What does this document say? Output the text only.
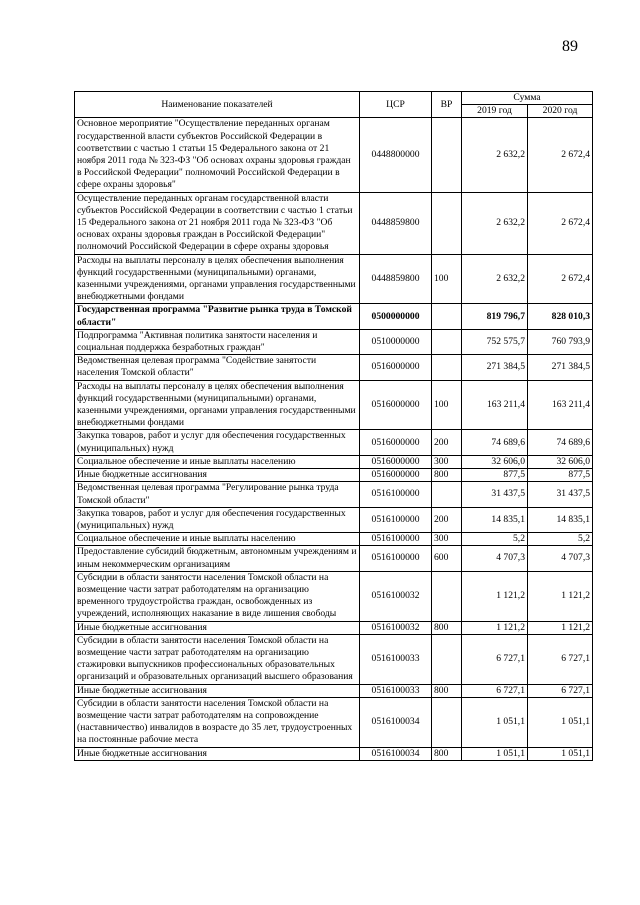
89
Наименование показателей	ЦСР	ВР	Сумма	
			2019 год	2020 год
Основное мероприятие "Осуществление переданных органам государственной власти субъектов Российской Федерации в соответствии с частью 1 статьи 15 Федерального закона от 21 ноября 2011 года № 323-ФЗ "Об основах охраны здоровья граждан в Российской Федерации" полномочий Российской Федерации в сфере охраны здоровья"	0448800000		2 632,2	2 672,4
Осуществление переданных органам государственной власти субъектов Российской Федерации в соответствии с частью 1 статьи 15 Федерального закона от 21 ноября 2011 года № 323-ФЗ "Об основах охраны здоровья граждан в Российской Федерации" полномочий Российской Федерации в сфере охраны здоровья	0448859800		2 632,2	2 672,4
Расходы на выплаты персоналу в целях обеспечения выполнения функций государственными (муниципальными) органами, казенными учреждениями, органами управления государственными внебюджетными фондами	0448859800	100	2 632,2	2 672,4
Государственная программа "Развитие рынка труда в Томской области"	0500000000		819 796,7	828 010,3
Подпрограмма "Активная политика занятости населения и социальная поддержка безработных граждан"	0510000000		752 575,7	760 793,9
Ведомственная целевая программа "Содействие занятости населения Томской области"	0516000000		271 384,5	271 384,5
Расходы на выплаты персоналу в целях обеспечения выполнения функций государственными (муниципальными) органами, казенными учреждениями, органами управления государственными внебюджетными фондами	0516000000	100	163 211,4	163 211,4
Закупка товаров, работ и услуг для обеспечения государственных (муниципальных) нужд	0516000000	200	74 689,6	74 689,6
Социальное обеспечение и иные выплаты населению	0516000000	300	32 606,0	32 606,0
Иные бюджетные ассигнования	0516000000	800	877,5	877,5
Ведомственная целевая программа "Регулирование рынка труда Томской области"	0516100000		31 437,5	31 437,5
Закупка товаров, работ и услуг для обеспечения государственных (муниципальных) нужд	0516100000	200	14 835,1	14 835,1
Социальное обеспечение и иные выплаты населению	0516100000	300	5,2	5,2
Предоставление субсидий бюджетным, автономным учреждениям и иным некоммерческим организациям	0516100000	600	4 707,3	4 707,3
Субсидии в области занятости населения Томской области на возмещение части затрат работодателям на организацию временного трудоустройства граждан, освобожденных из учреждений, исполняющих наказание в виде лишения свободы	0516100032		1 121,2	1 121,2
Иные бюджетные ассигнования	0516100032	800	1 121,2	1 121,2
Субсидии в области занятости населения Томской области на возмещение части затрат работодателям на организацию стажировки выпускников профессиональных образовательных организаций и образовательных организаций высшего образования	0516100033		6 727,1	6 727,1
Иные бюджетные ассигнования	0516100033	800	6 727,1	6 727,1
Субсидии в области занятости населения Томской области на возмещение части затрат работодателям на сопровождение (наставничество) инвалидов в возрасте до 35 лет, трудоустроенных на постоянные рабочие места	0516100034		1 051,1	1 051,1
Иные бюджетные ассигнования	0516100034	800	1 051,1	1 051,1
